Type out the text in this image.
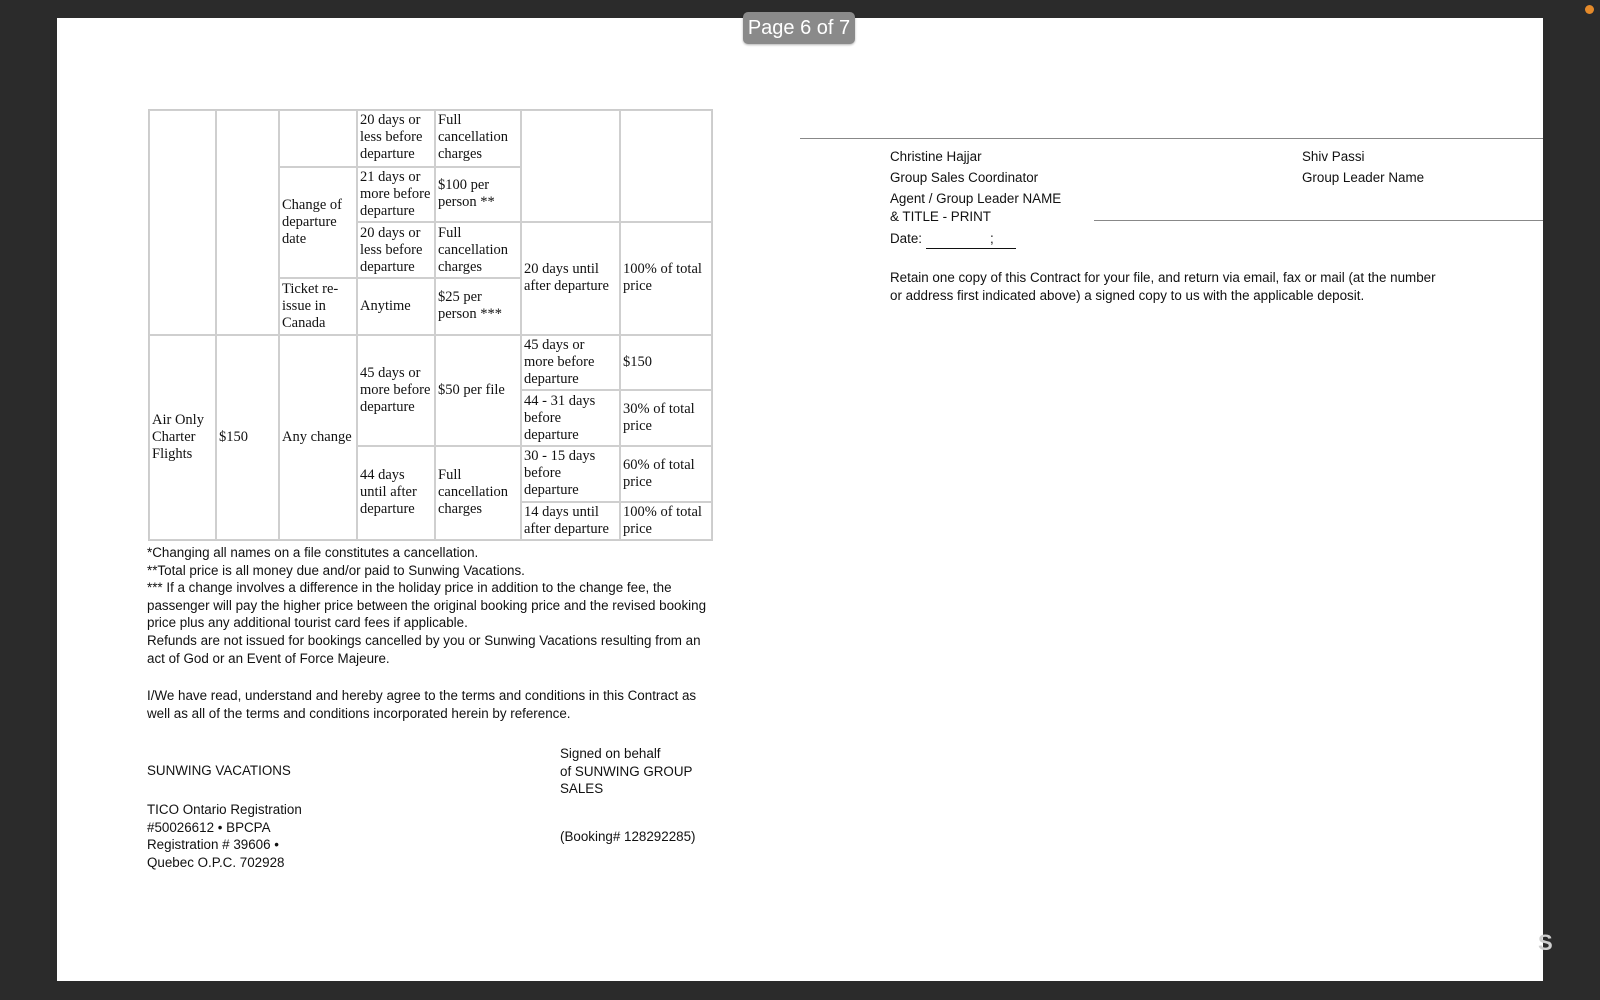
Page 6 of 7
S
			20 days or less before departure	Full cancellation charges		
		Change of departure date	21 days or more before departure	$100 per person **		
			20 days or less before departure	Full cancellation charges	20 days until after departure	100% of total price
		Ticket re-issue in Canada	Anytime	$25 per person ***		
Air Only Charter Flights	$150	Any change	45 days or more before departure	$50 per file	45 days or more before departure	$150
					44 - 31 days before departure	30% of total price
			44 days until after departure	Full cancellation charges	30 - 15 days before departure	60% of total price
					14 days until after departure	100% of total price

*Changing all names on a file constitutes a cancellation.

**Total price is all money due and/or paid to Sunwing Vacations.

*** If a change involves a difference in the holiday price in addition to the change fee, the passenger will pay the higher price between the original booking price and the revised booking price plus any additional tourist card fees if applicable.

Refunds are not issued for bookings cancelled by you or Sunwing Vacations resulting from an act of God or an Event of Force Majeure.

I/We have read, understand and hereby agree to the terms and conditions in this Contract as well as all of the terms and conditions incorporated herein by reference.
SUNWING VACATIONS

TICO Ontario Registration

#50026612 • BPCPA

Registration # 39606 •

Quebec O.P.C. 702928

Signed on behalf

of SUNWING GROUP

SALES

(Booking# 128292285)

Christine Hajjar

Group Sales Coordinator

Agent / Group Leader NAME

& TITLE - PRINT

Shiv Passi

Group Leader Name

Date:	;
Retain one copy of this Contract for your file, and return via email, fax or mail (at the number or address first indicated above) a signed copy to us with the applicable deposit.
